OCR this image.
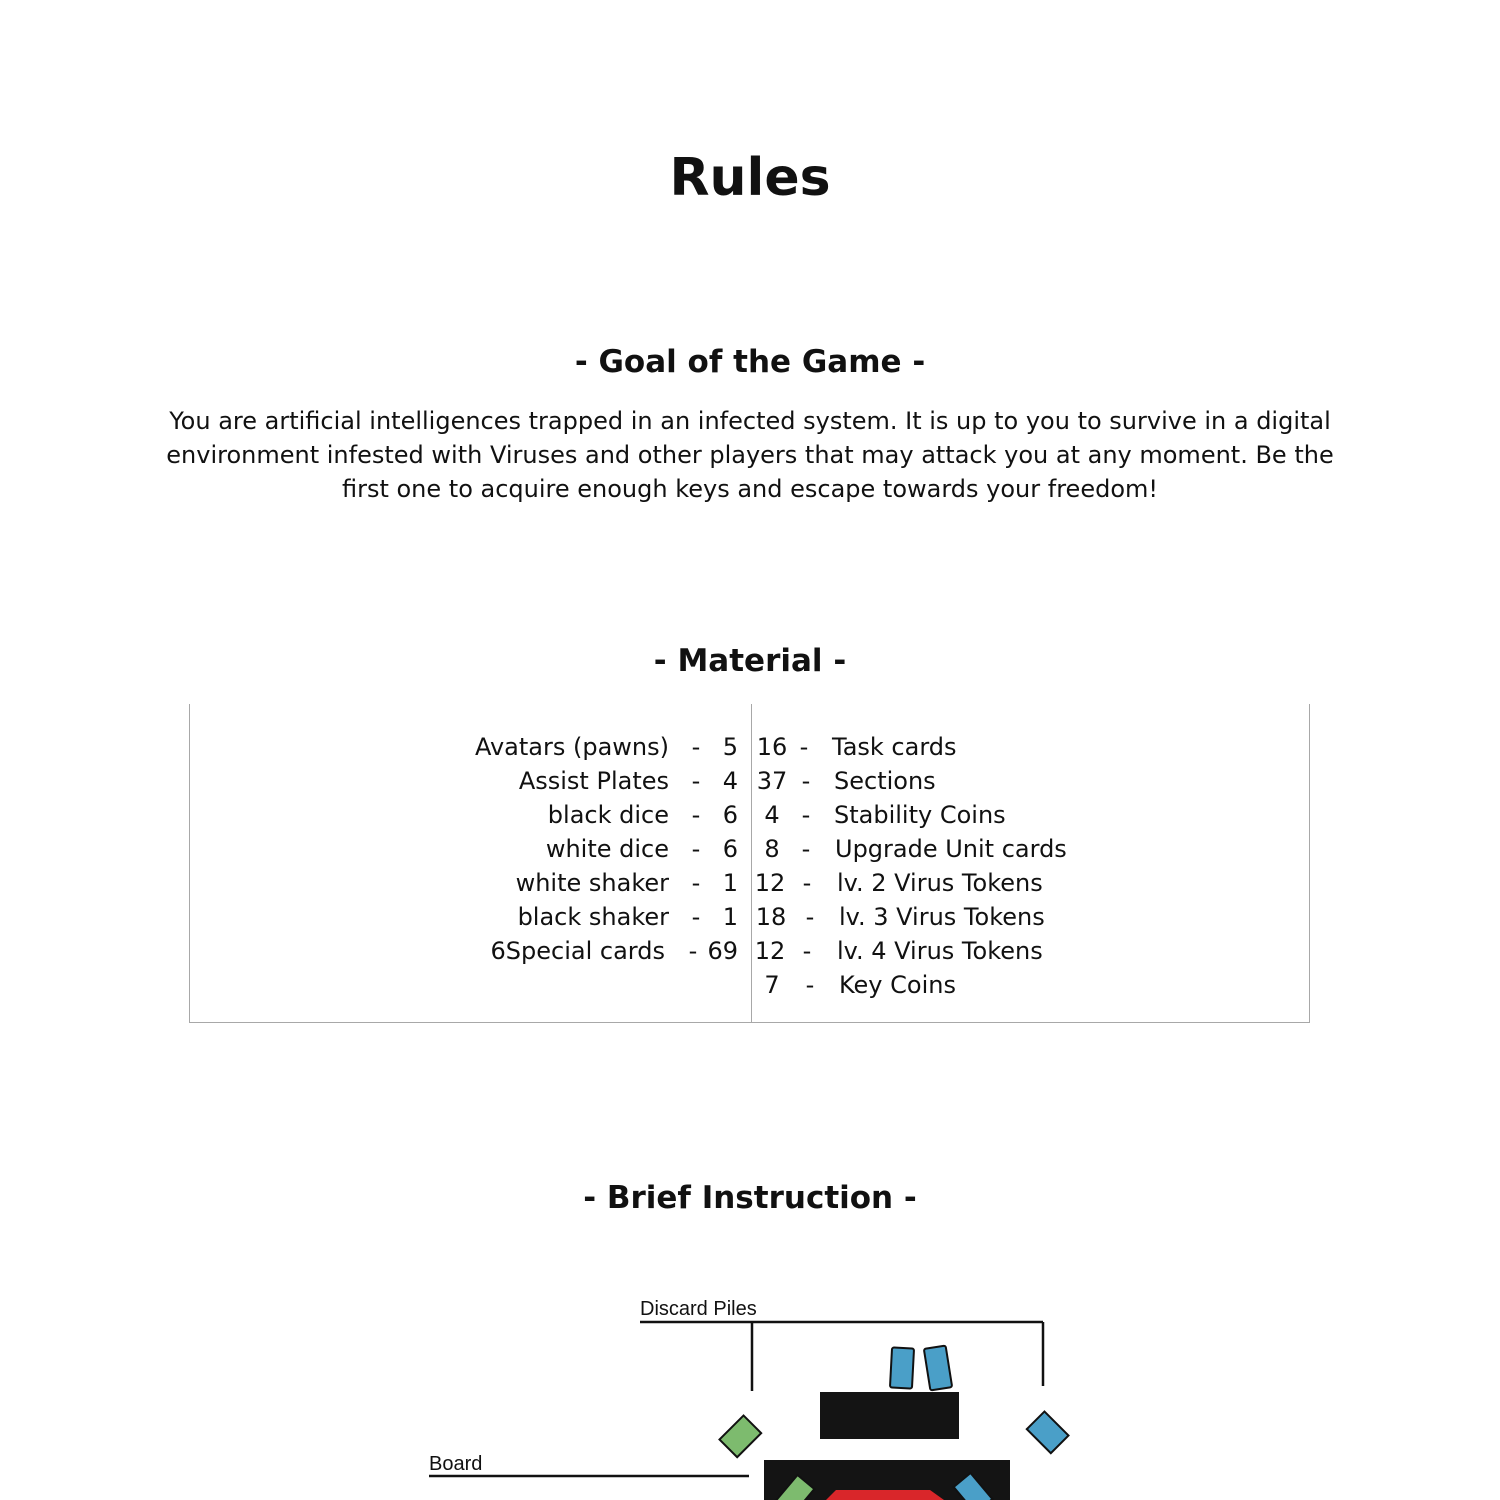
Rules
- Goal of the Game -
You are artificial intelligences trapped in an infected system. It is up to you to survive in a digital environment infested with Viruses and other players that may attack you at any moment. Be the first one to acquire enough keys and escape towards your freedom!
- Material -
Avatars (pawns) - 5
Assist Plates - 4
black dice - 6
white dice - 6
white shaker - 1
black shaker - 1
6Special cards - 69
16 - Task cards
37 - Sections
4 - Stability Coins
8 - Upgrade Unit cards
12 - lv. 2 Virus Tokens
18 - lv. 3 Virus Tokens
12 - lv. 4 Virus Tokens
7	- Key Coins
- Brief Instruction -
Discard Piles
Board
